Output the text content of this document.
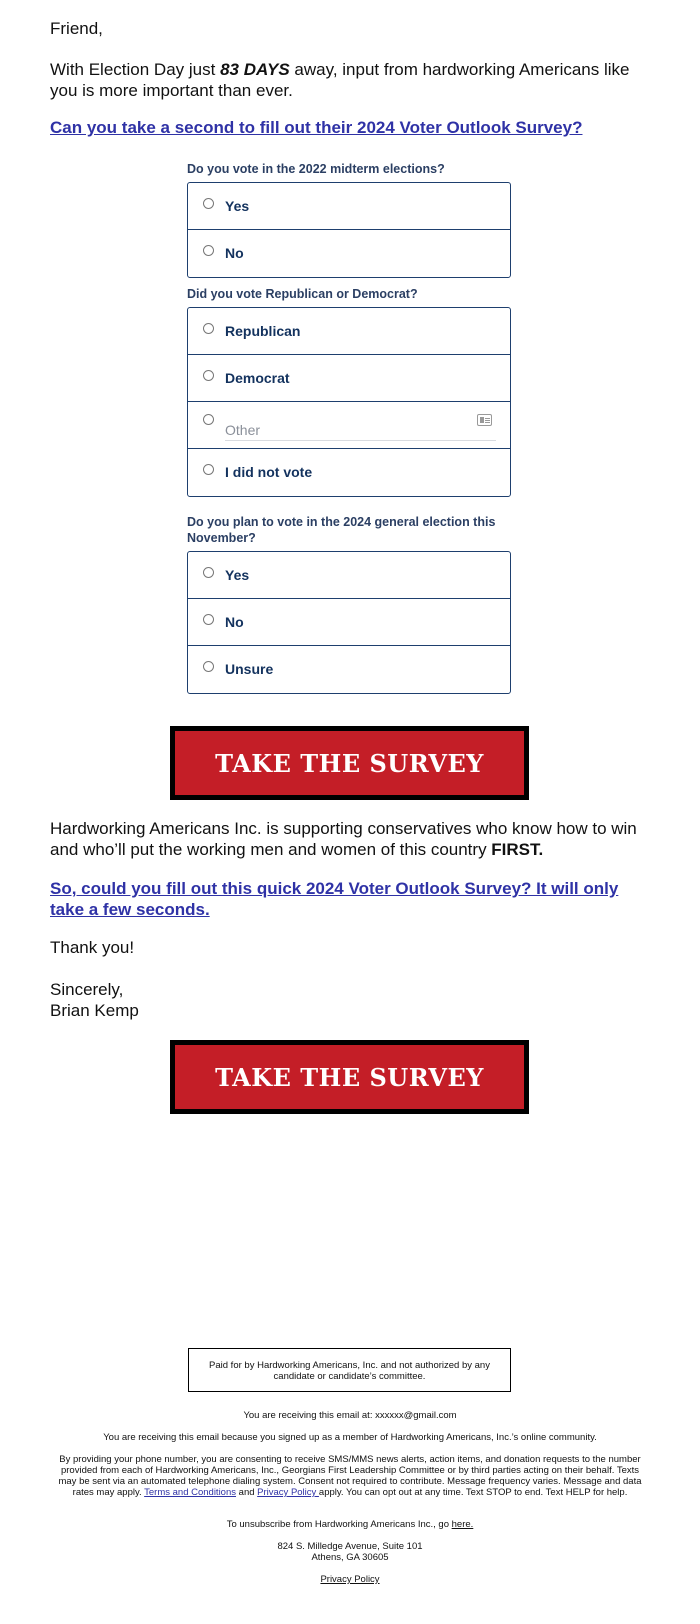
Friend,

With Election Day just 83 DAYS away, input from hardworking Americans like you is more important than ever.

Can you take a second to fill out their 2024 Voter Outlook Survey?

Do you vote in the 2022 midterm elections?

Yes
No

Did you vote Republican or Democrat?

Republican
Democrat
Other
I did not vote

Do you plan to vote in the 2024 general election this November?

Yes
No
Unsure
TAKE THE SURVEY

Hardworking Americans Inc. is supporting conservatives who know how to win and who’ll put the working men and women of this country FIRST.

So, could you fill out this quick 2024 Voter Outlook Survey? It will only take a few seconds.

Thank you!

Sincerely,

Brian Kemp

TAKE THE SURVEY
Paid for by Hardworking Americans, Inc. and not authorized by any candidate or candidate’s committee.

You are receiving this email at: xxxxxx@gmail.com

You are receiving this email because you signed up as a member of Hardworking Americans, Inc.’s online community.

By providing your phone number, you are consenting to receive SMS/MMS news alerts, action items, and donation requests to the number provided from each of Hardworking Americans, Inc., Georgians First Leadership Committee or by third parties acting on their behalf. Texts may be sent via an automated telephone dialing system. Consent not required to contribute. Message frequency varies. Message and data rates may apply. Terms and Conditions and Privacy Policy apply. You can opt out at any time. Text STOP to end. Text HELP for help.

To unsubscribe from Hardworking Americans Inc., go here.

824 S. Milledge Avenue, Suite 101

Athens, GA 30605

Privacy Policy
